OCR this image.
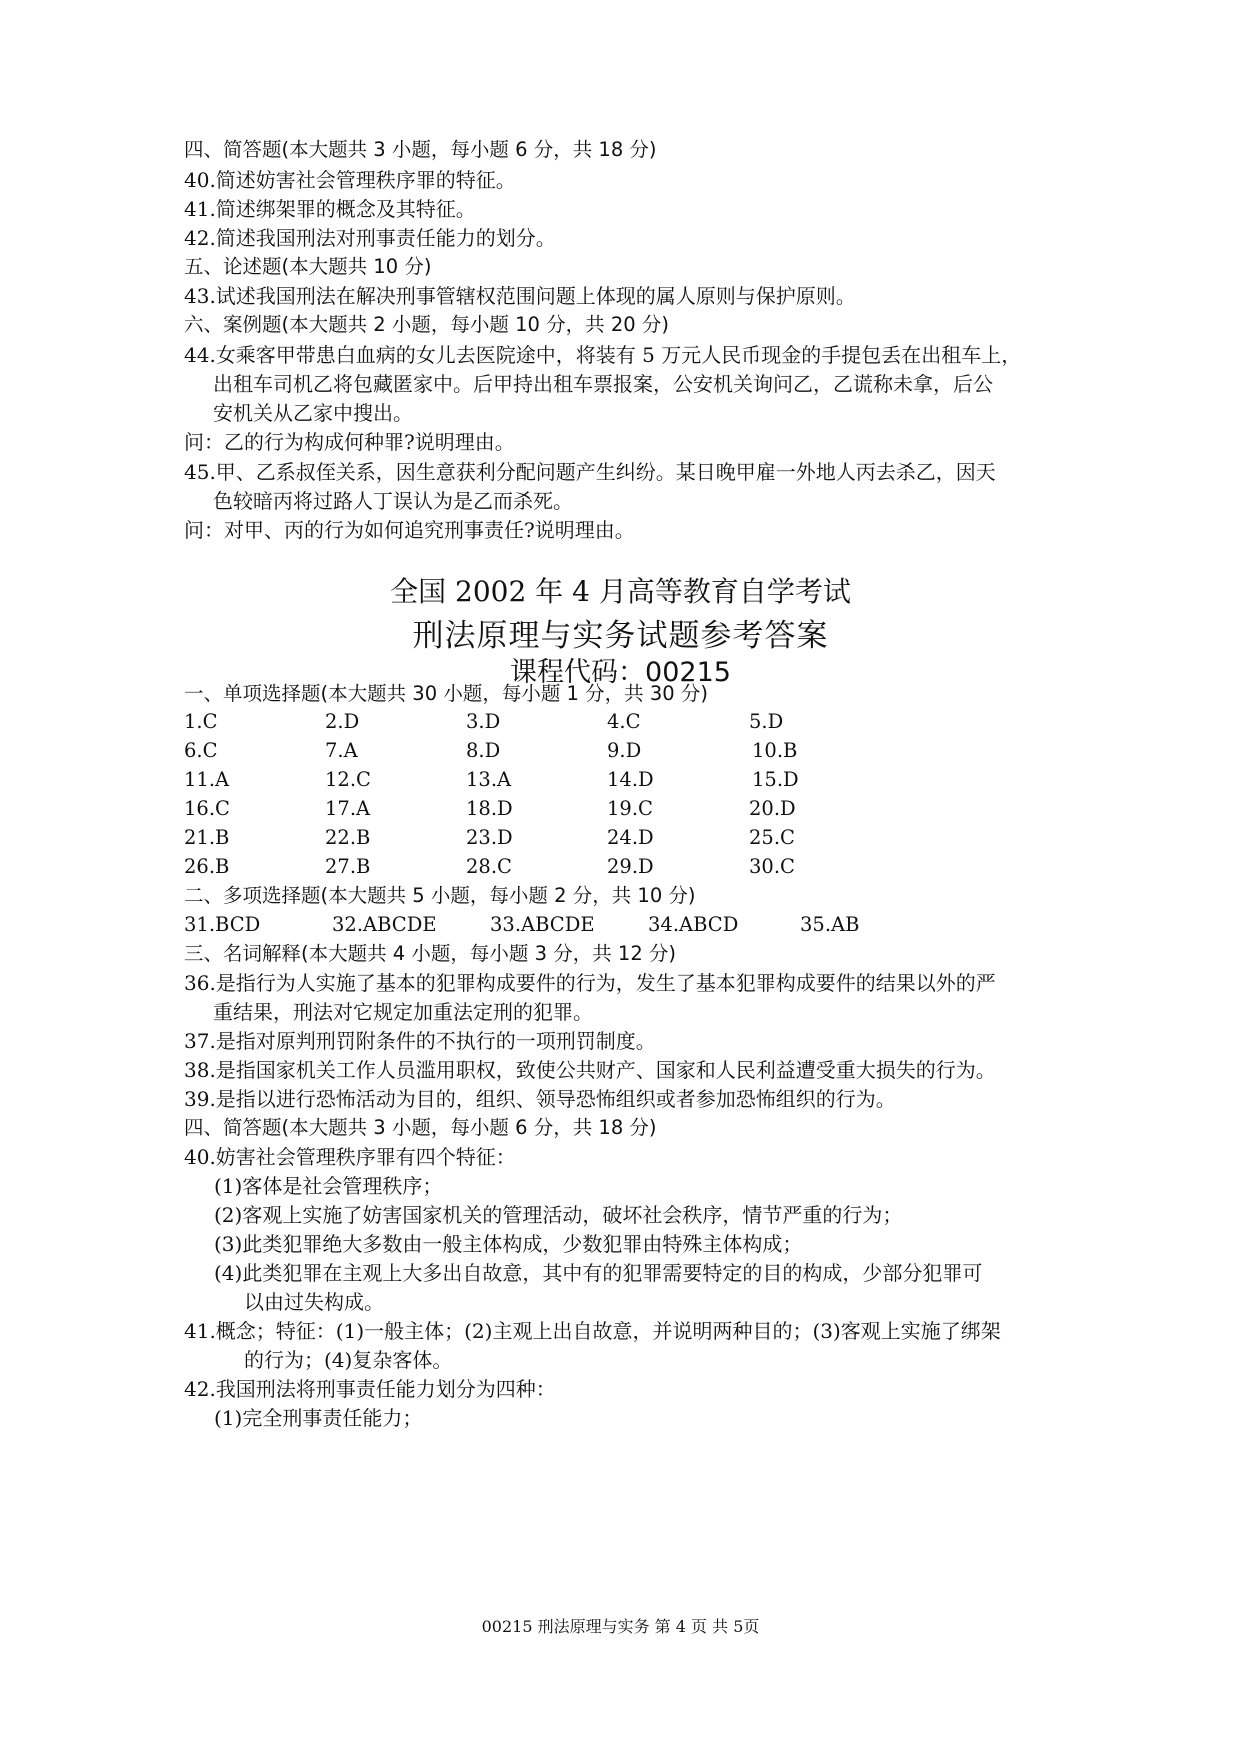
四、简答题(本大题共 3 小题，每小题 6 分，共 18 分)
40.简述妨害社会管理秩序罪的特征。
41.简述绑架罪的概念及其特征。
42.简述我国刑法对刑事责任能力的划分。
五、论述题(本大题共 10 分)
43.试述我国刑法在解决刑事管辖权范围问题上体现的属人原则与保护原则。
六、案例题(本大题共 2 小题，每小题 10 分，共 20 分)
44.女乘客甲带患白血病的女儿去医院途中，将装有 5 万元人民币现金的手提包丢在出租车上，
出租车司机乙将包藏匿家中。后甲持出租车票报案，公安机关询问乙，乙谎称未拿，后公
安机关从乙家中搜出。
问：乙的行为构成何种罪?说明理由。
45.甲、乙系叔侄关系，因生意获利分配问题产生纠纷。某日晚甲雇一外地人丙去杀乙，因天
色较暗丙将过路人丁误认为是乙而杀死。
问：对甲、丙的行为如何追究刑事责任?说明理由。
全国 2002 年 4 月高等教育自学考试
刑法原理与实务试题参考答案
课程代码：00215
一、单项选择题(本大题共 30 小题，每小题 1 分，共 30 分)
1.C	2.D	3.D	4.C	5.D
6.C	7.A	8.D	9.D	10.B
11.A	12.C	13.A	14.D	15.D
16.C	17.A	18.D	19.C	20.D
21.B	22.B	23.D	24.D	25.C
26.B	27.B	28.C	29.D	30.C
二、多项选择题(本大题共 5 小题，每小题 2 分，共 10 分)
31.BCD	32.ABCDE	33.ABCDE	34.ABCD	35.AB
三、名词解释(本大题共 4 小题，每小题 3 分，共 12 分)
36.是指行为人实施了基本的犯罪构成要件的行为，发生了基本犯罪构成要件的结果以外的严
重结果，刑法对它规定加重法定刑的犯罪。
37.是指对原判刑罚附条件的不执行的一项刑罚制度。
38.是指国家机关工作人员滥用职权，致使公共财产、国家和人民利益遭受重大损失的行为。
39.是指以进行恐怖活动为目的，组织、领导恐怖组织或者参加恐怖组织的行为。
四、简答题(本大题共 3 小题，每小题 6 分，共 18 分)
40.妨害社会管理秩序罪有四个特征：
(1)客体是社会管理秩序；
(2)客观上实施了妨害国家机关的管理活动，破坏社会秩序，情节严重的行为；
(3)此类犯罪绝大多数由一般主体构成，少数犯罪由特殊主体构成；
(4)此类犯罪在主观上大多出自故意，其中有的犯罪需要特定的目的构成，少部分犯罪可
以由过失构成。
41.概念；特征：(1)一般主体；(2)主观上出自故意，并说明两种目的；(3)客观上实施了绑架
的行为；(4)复杂客体。
42.我国刑法将刑事责任能力划分为四种：
(1)完全刑事责任能力；
00215 刑法原理与实务 第 4 页 共 5页
